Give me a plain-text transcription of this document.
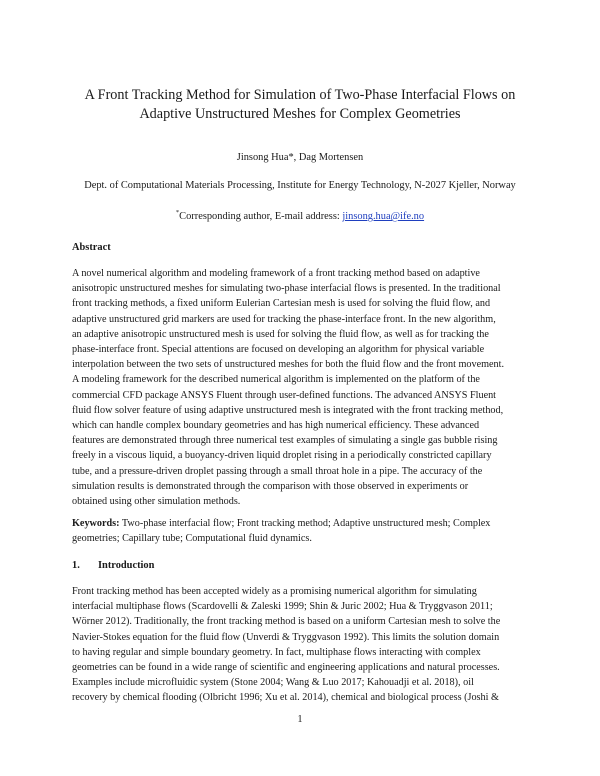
A Front Tracking Method for Simulation of Two-Phase Interfacial Flows on
Adaptive Unstructured Meshes for Complex Geometries
Jinsong Hua*, Dag Mortensen
Dept. of Computational Materials Processing, Institute for Energy Technology, N-2027 Kjeller, Norway
*Corresponding author, E-mail address: jinsong.hua@ife.no
Abstract
A novel numerical algorithm and modeling framework of a front tracking method based on adaptive
anisotropic unstructured meshes for simulating two-phase interfacial flows is presented. In the traditional
front tracking methods, a fixed uniform Eulerian Cartesian mesh is used for solving the fluid flow, and
adaptive unstructured grid markers are used for tracking the phase-interface front. In the new algorithm,
an adaptive anisotropic unstructured mesh is used for solving the fluid flow, as well as for tracking the
phase-interface front. Special attentions are focused on developing an algorithm for physical variable
interpolation between the two sets of unstructured meshes for both the fluid flow and the front movement.
A modeling framework for the described numerical algorithm is implemented on the platform of the
commercial CFD package ANSYS Fluent through user-defined functions. The advanced ANSYS Fluent
fluid flow solver feature of using adaptive unstructured mesh is integrated with the front tracking method,
which can handle complex boundary geometries and has high numerical efficiency. These advanced
features are demonstrated through three numerical test examples of simulating a single gas bubble rising
freely in a viscous liquid, a buoyancy-driven liquid droplet rising in a periodically constricted capillary
tube, and a pressure-driven droplet passing through a small throat hole in a pipe. The accuracy of the
simulation results is demonstrated through the comparison with those observed in experiments or
obtained using other simulation methods.
Keywords: Two-phase interfacial flow; Front tracking method; Adaptive unstructured mesh; Complex
geometries; Capillary tube; Computational fluid dynamics.
1. Introduction
Front tracking method has been accepted widely as a promising numerical algorithm for simulating
interfacial multiphase flows (Scardovelli & Zaleski 1999; Shin & Juric 2002; Hua & Tryggvason 2011;
Wörner 2012). Traditionally, the front tracking method is based on a uniform Cartesian mesh to solve the
Navier-Stokes equation for the fluid flow (Unverdi & Tryggvason 1992). This limits the solution domain
to having regular and simple boundary geometry. In fact, multiphase flows interacting with complex
geometries can be found in a wide range of scientific and engineering applications and natural processes.
Examples include microfluidic system (Stone 2004; Wang & Luo 2017; Kahouadji et al. 2018), oil
recovery by chemical flooding (Olbricht 1996; Xu et al. 2014), chemical and biological process (Joshi &
1
